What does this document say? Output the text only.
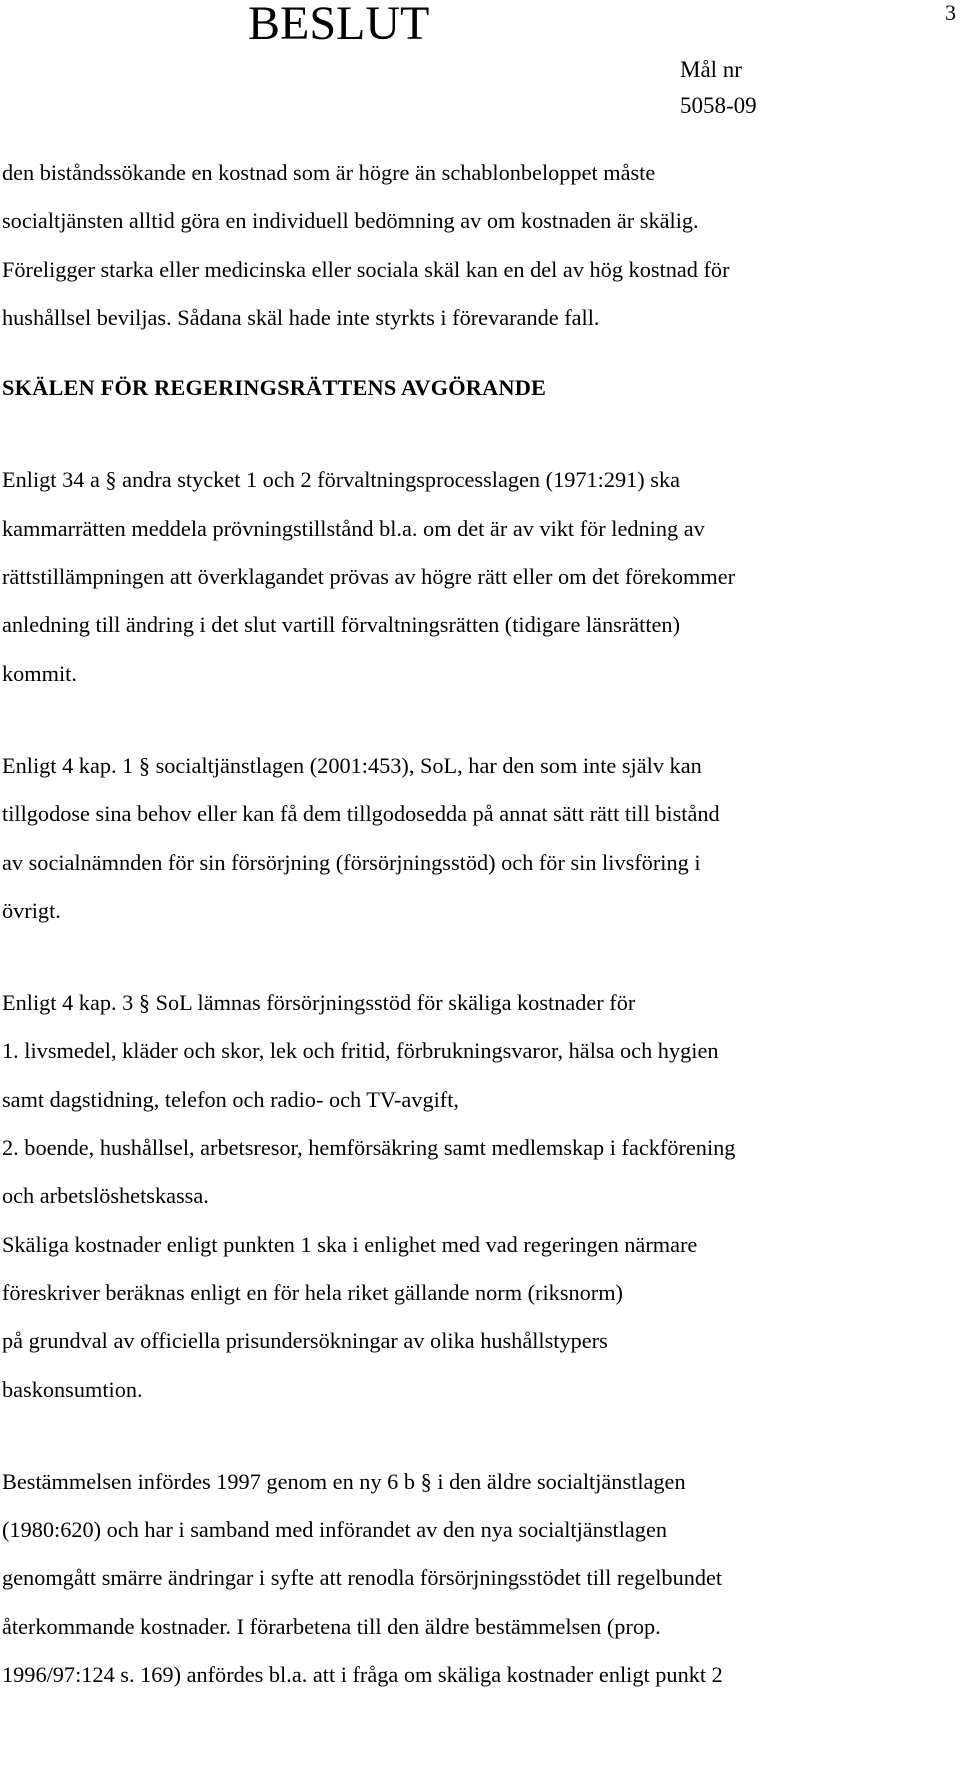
BESLUT	3
Mål nr
5058-09
den biståndssökande en kostnad som är högre än schablonbeloppet måste
socialtjänsten alltid göra en individuell bedömning av om kostnaden är skälig.
Föreligger starka eller medicinska eller sociala skäl kan en del av hög kostnad för
hushållsel beviljas. Sådana skäl hade inte styrkts i förevarande fall.
SKÄLEN FÖR REGERINGSRÄTTENS AVGÖRANDE
Enligt 34 a § andra stycket 1 och 2 förvaltningsprocesslagen (1971:291) ska
kammarrätten meddela prövningstillstånd bl.a. om det är av vikt för ledning av
rättstillämpningen att överklagandet prövas av högre rätt eller om det förekommer
anledning till ändring i det slut vartill förvaltningsrätten (tidigare länsrätten)
kommit.
Enligt 4 kap. 1 § socialtjänstlagen (2001:453), SoL, har den som inte själv kan
tillgodose sina behov eller kan få dem tillgodosedda på annat sätt rätt till bistånd
av socialnämnden för sin försörjning (försörjningsstöd) och för sin livsföring i
övrigt.
Enligt 4 kap. 3 § SoL lämnas försörjningsstöd för skäliga kostnader för
1. livsmedel, kläder och skor, lek och fritid, förbrukningsvaror, hälsa och hygien
samt dagstidning, telefon och radio- och TV-avgift,
2. boende, hushållsel, arbetsresor, hemförsäkring samt medlemskap i fackförening
och arbetslöshetskassa.
Skäliga kostnader enligt punkten 1 ska i enlighet med vad regeringen närmare
föreskriver beräknas enligt en för hela riket gällande norm (riksnorm)
på grundval av officiella prisundersökningar av olika hushållstypers
baskonsumtion.
Bestämmelsen infördes 1997 genom en ny 6 b § i den äldre socialtjänstlagen
(1980:620) och har i samband med införandet av den nya socialtjänstlagen
genomgått smärre ändringar i syfte att renodla försörjningsstödet till regelbundet
återkommande kostnader. I förarbetena till den äldre bestämmelsen (prop.
1996/97:124 s. 169) anfördes bl.a. att i fråga om skäliga kostnader enligt punkt 2
